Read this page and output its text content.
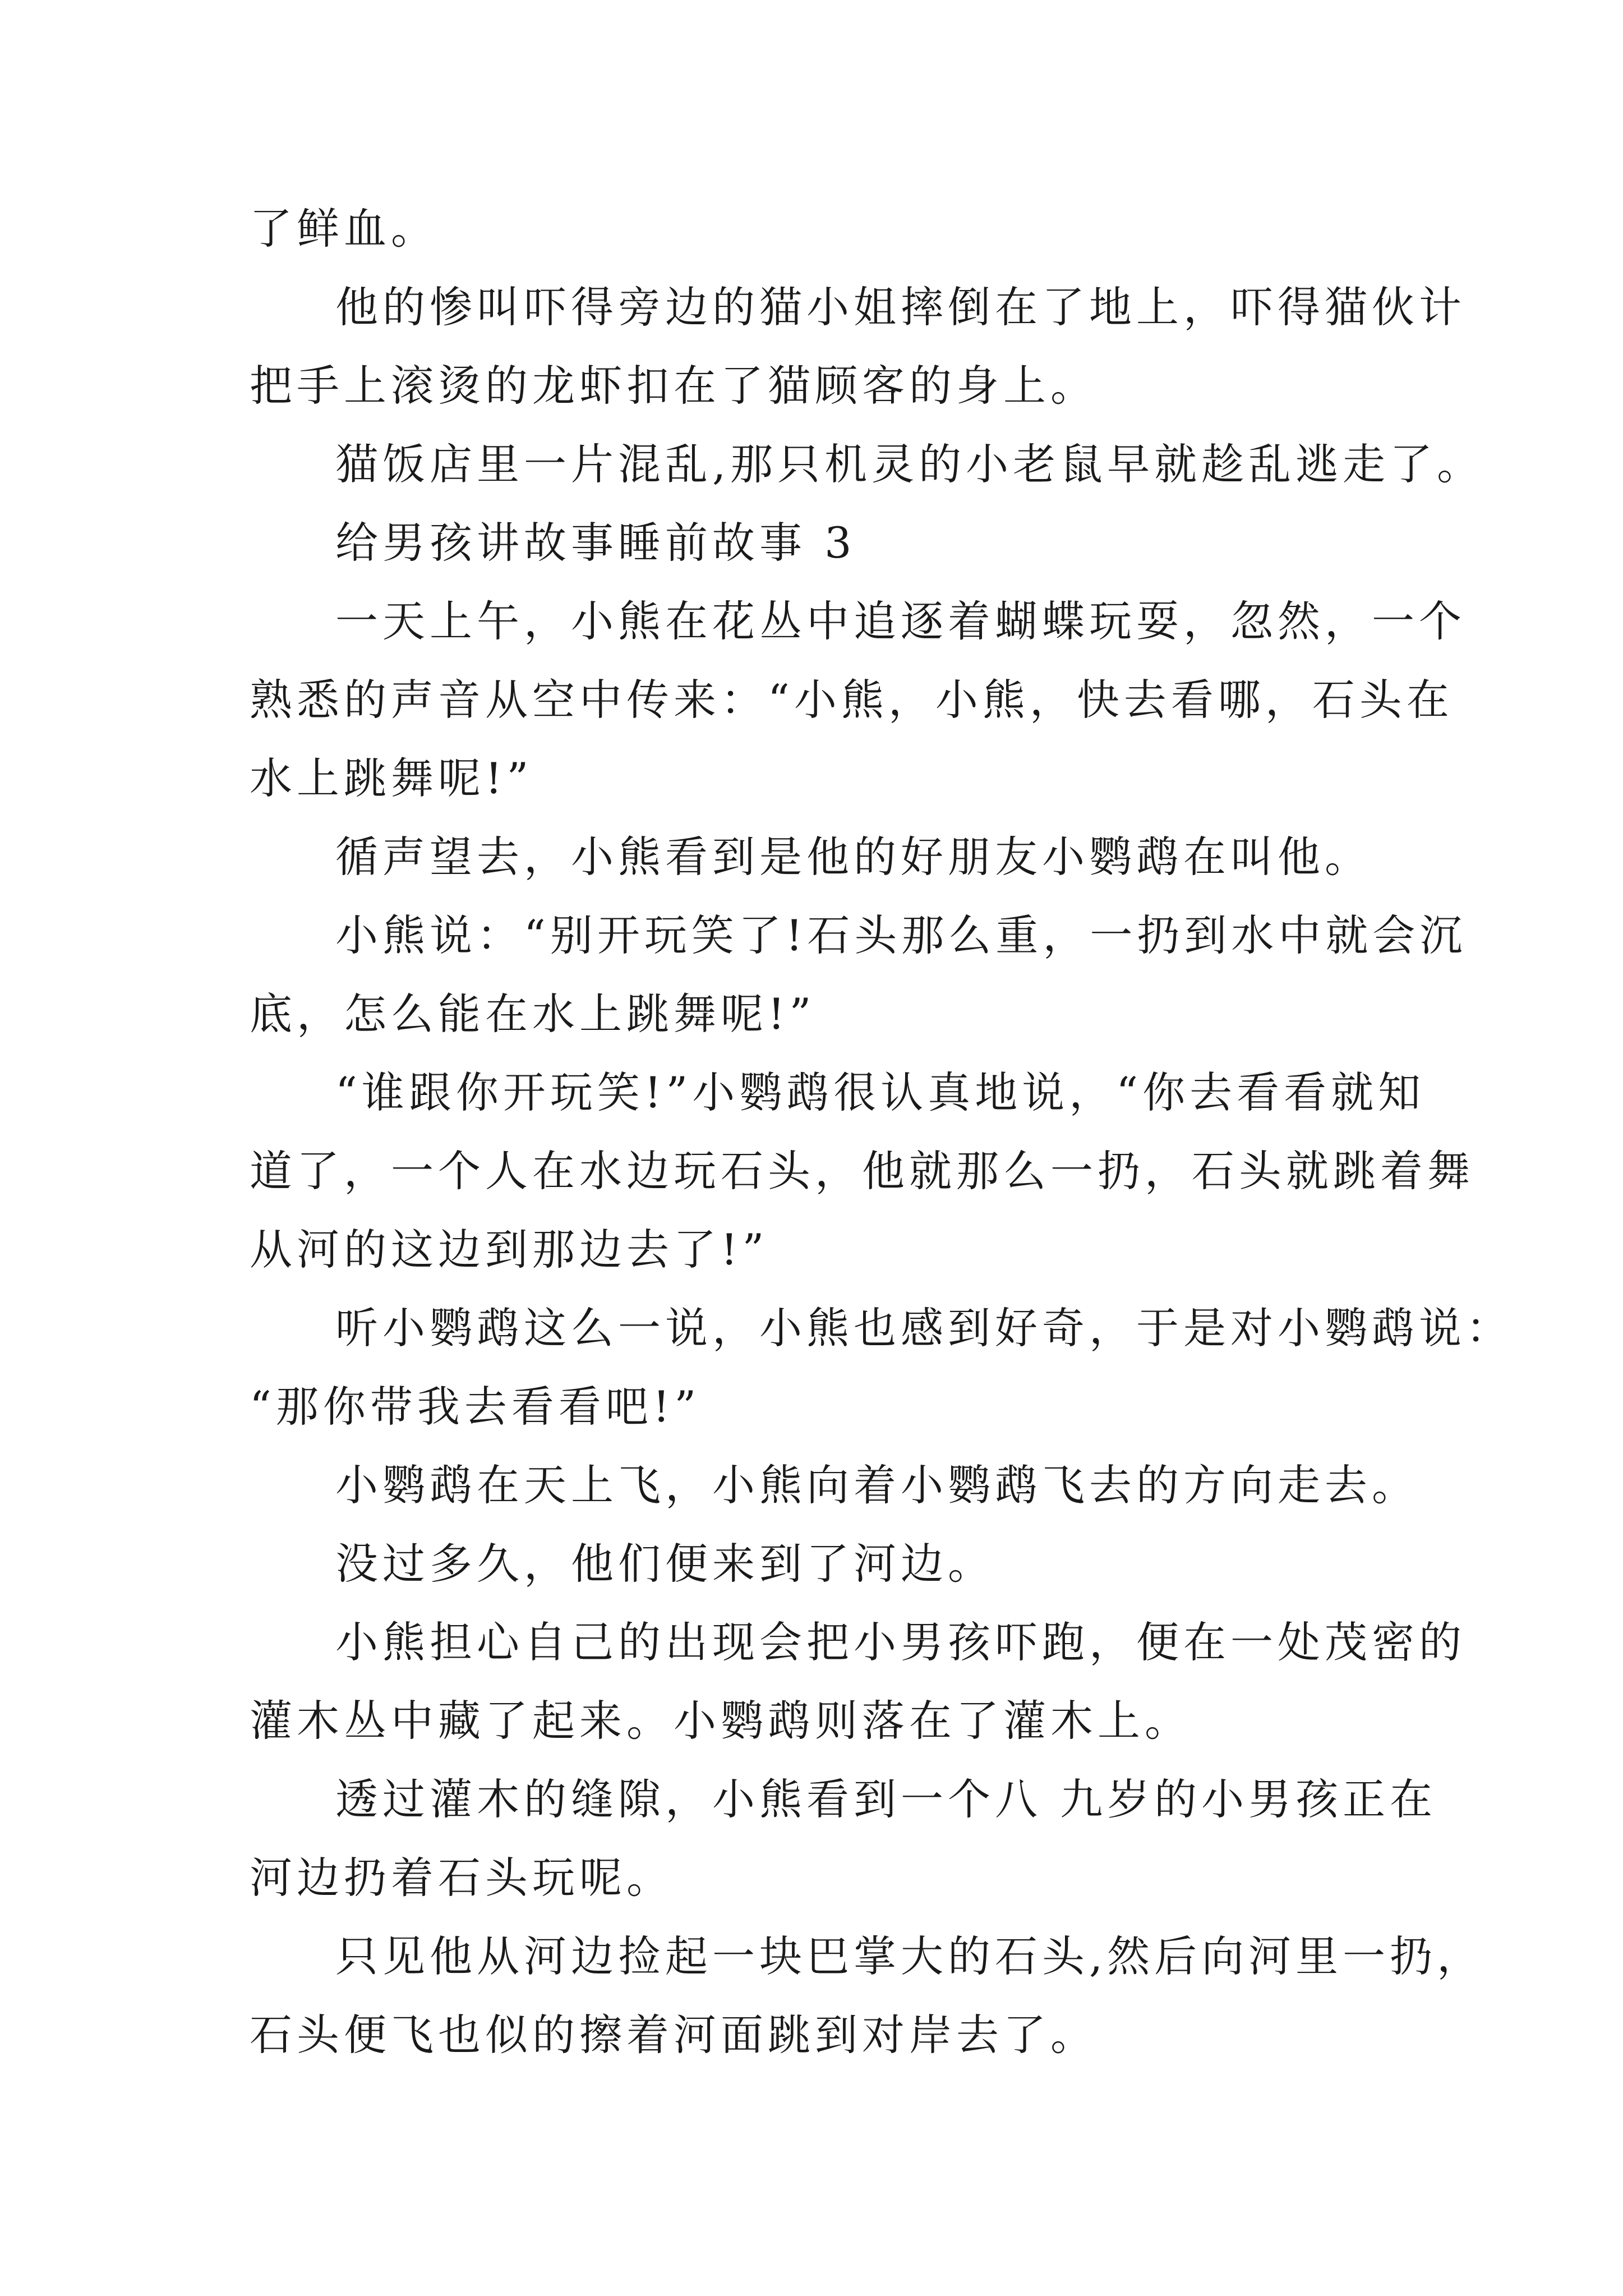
了鲜血。
他的惨叫吓得旁边的猫小姐摔倒在了地上，吓得猫伙计
把手上滚烫的龙虾扣在了猫顾客的身上。
猫饭店里一片混乱,那只机灵的小老鼠早就趁乱逃走了。
给男孩讲故事睡前故事 3
一天上午，小熊在花丛中追逐着蝴蝶玩耍，忽然，一个
熟悉的声音从空中传来：“小熊，小熊，快去看哪，石头在
水上跳舞呢!”
循声望去，小熊看到是他的好朋友小鹦鹉在叫他。
小熊说：“别开玩笑了!石头那么重，一扔到水中就会沉
底，怎么能在水上跳舞呢!”
“谁跟你开玩笑!”小鹦鹉很认真地说，“你去看看就知
道了，一个人在水边玩石头，他就那么一扔，石头就跳着舞
从河的这边到那边去了!”
听小鹦鹉这么一说，小熊也感到好奇，于是对小鹦鹉说：
“那你带我去看看吧!”
小鹦鹉在天上飞，小熊向着小鹦鹉飞去的方向走去。
没过多久，他们便来到了河边。
小熊担心自己的出现会把小男孩吓跑，便在一处茂密的
灌木丛中藏了起来。小鹦鹉则落在了灌木上。
透过灌木的缝隙，小熊看到一个八 九岁的小男孩正在
河边扔着石头玩呢。
只见他从河边捡起一块巴掌大的石头,然后向河里一扔，
石头便飞也似的擦着河面跳到对岸去了。
